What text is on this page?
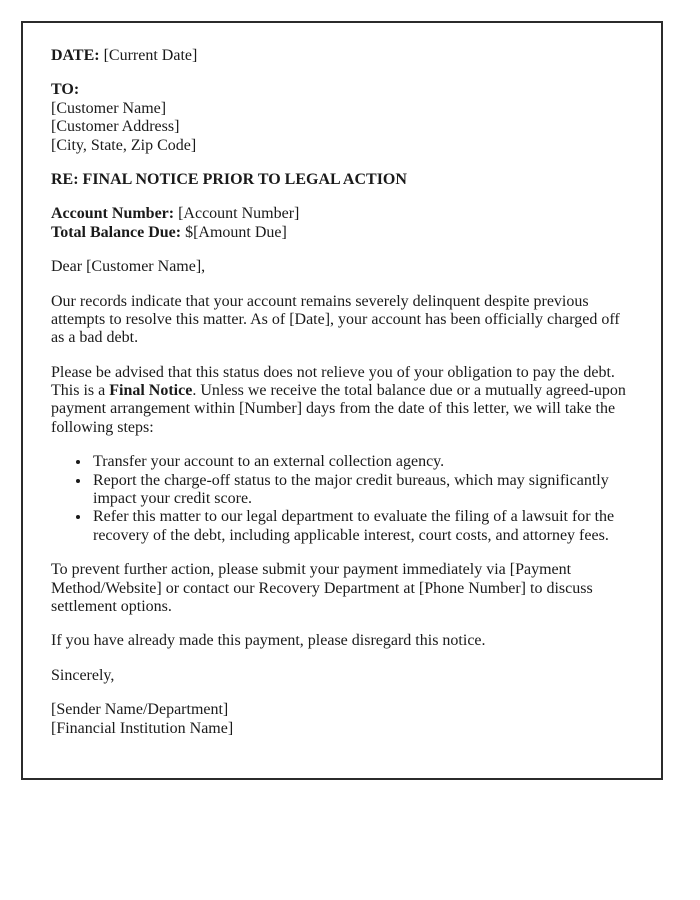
DATE: [Current Date]

TO:
[Customer Name]
[Customer Address]
[City, State, Zip Code]

RE: FINAL NOTICE PRIOR TO LEGAL ACTION

Account Number: [Account Number]
Total Balance Due: $[Amount Due]

Dear [Customer Name],

Our records indicate that your account remains severely delinquent despite previous attempts to resolve this matter. As of [Date], your account has been officially charged off as a bad debt.

Please be advised that this status does not relieve you of your obligation to pay the debt. This is a Final Notice. Unless we receive the total balance due or a mutually agreed-upon payment arrangement within [Number] days from the date of this letter, we will take the following steps:

• Transfer your account to an external collection agency.
• Report the charge-off status to the major credit bureaus, which may significantly impact your credit score.
• Refer this matter to our legal department to evaluate the filing of a lawsuit for the recovery of the debt, including applicable interest, court costs, and attorney fees.

To prevent further action, please submit your payment immediately via [Payment Method/Website] or contact our Recovery Department at [Phone Number] to discuss settlement options.

If you have already made this payment, please disregard this notice.

Sincerely,

[Sender Name/Department]
[Financial Institution Name]
